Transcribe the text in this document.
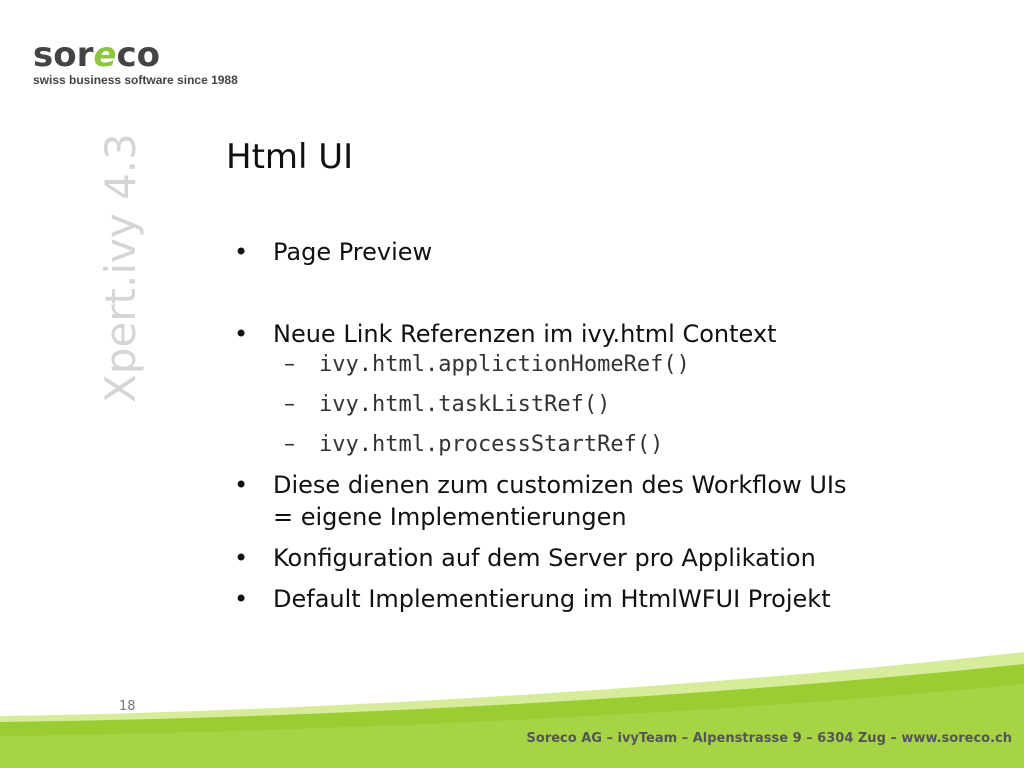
soreco
swiss business software since 1988
Xpert.ivy 4.3 Html UI
• Page Preview
• Neue Link Referenzen im ivy.html Context
– ivy.html.applictionHomeRef()
– ivy.html.taskListRef()
– ivy.html.processStartRef()
• Diese dienen zum customizen des Workflow UIs
= eigene Implementierungen
• Konfiguration auf dem Server pro Applikation
• Default Implementierung im HtmlWFUI Projekt
18
Soreco AG – ivyTeam – Alpenstrasse 9 – 6304 Zug – www.soreco.ch
